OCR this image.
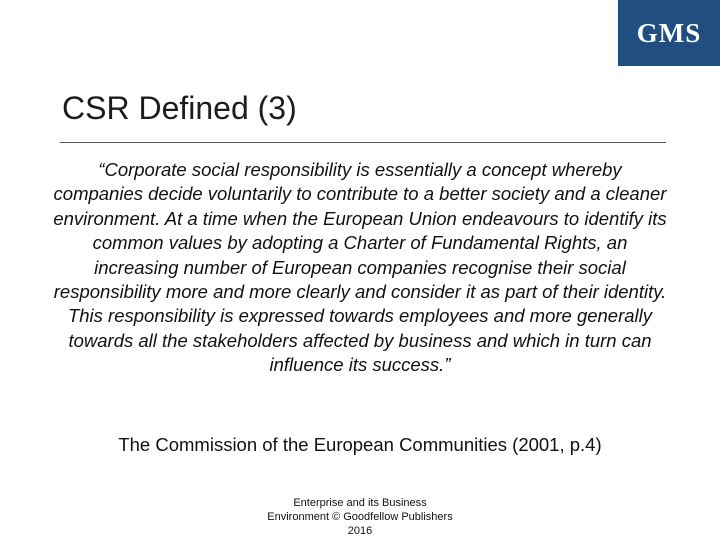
GMS
CSR Defined (3)

“Corporate social responsibility is essentially a concept whereby companies decide voluntarily to contribute to a better society and a cleaner environment. At a time when the European Union endeavours to identify its common values by adopting a Charter of Fundamental Rights, an increasing number of European companies recognise their social responsibility more and more clearly and consider it as part of their identity. This responsibility is expressed towards employees and more generally towards all the stakeholders affected by business and which in turn can influence its success.”

The Commission of the European Communities (2001, p.4)

Enterprise and its Business
Environment © Goodfellow Publishers
2016
